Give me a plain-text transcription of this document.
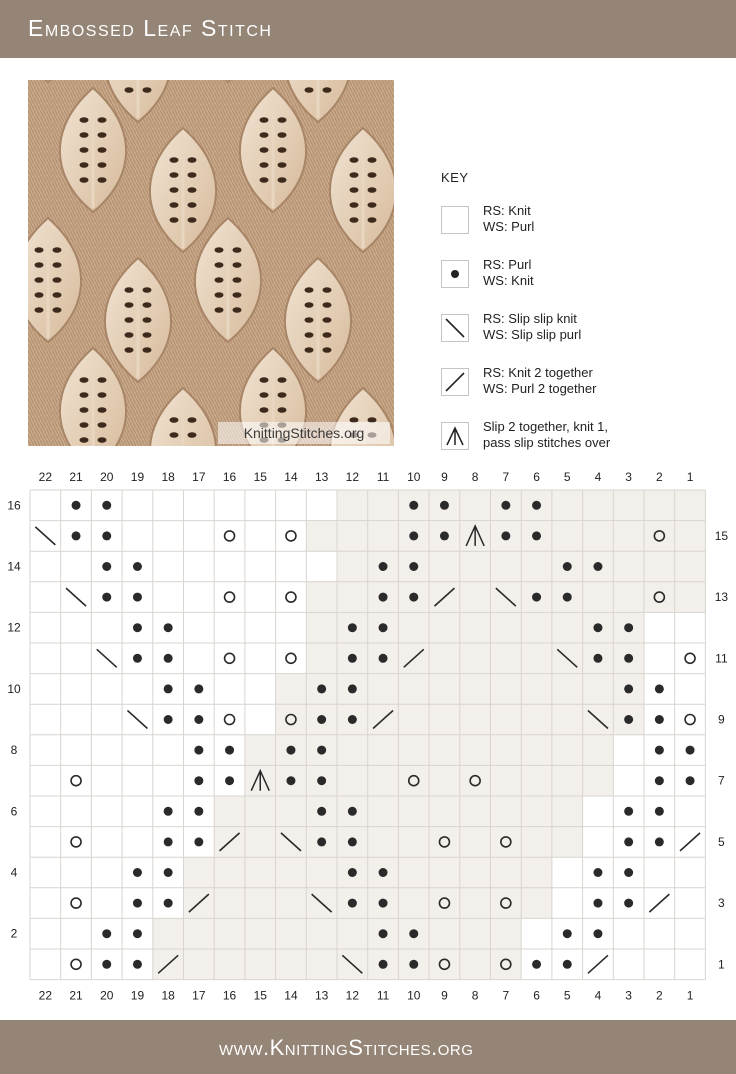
Embossed Leaf Stitch
KnittingStitches.org
KEY
RS: Knit
WS: Purl
RS: Purl
WS: Knit
RS: Slip slip knit
WS: Slip slip purl
RS: Knit 2 together
WS: Purl 2 together
Slip 2 together, knit 1,
pass slip stitches over
22
22
21
21
20
20
19
19
18
18
17
17
16
16
15
15
14
14
13
13
12
12
11
11
10
10
9
9
8
8
7
7
6
6
5
5
4
4
3
3
2
2
1
1
16
14
12
10
8
6
4
2
15
13
11
9
7
5
3
1
www.KnittingStitches.org
